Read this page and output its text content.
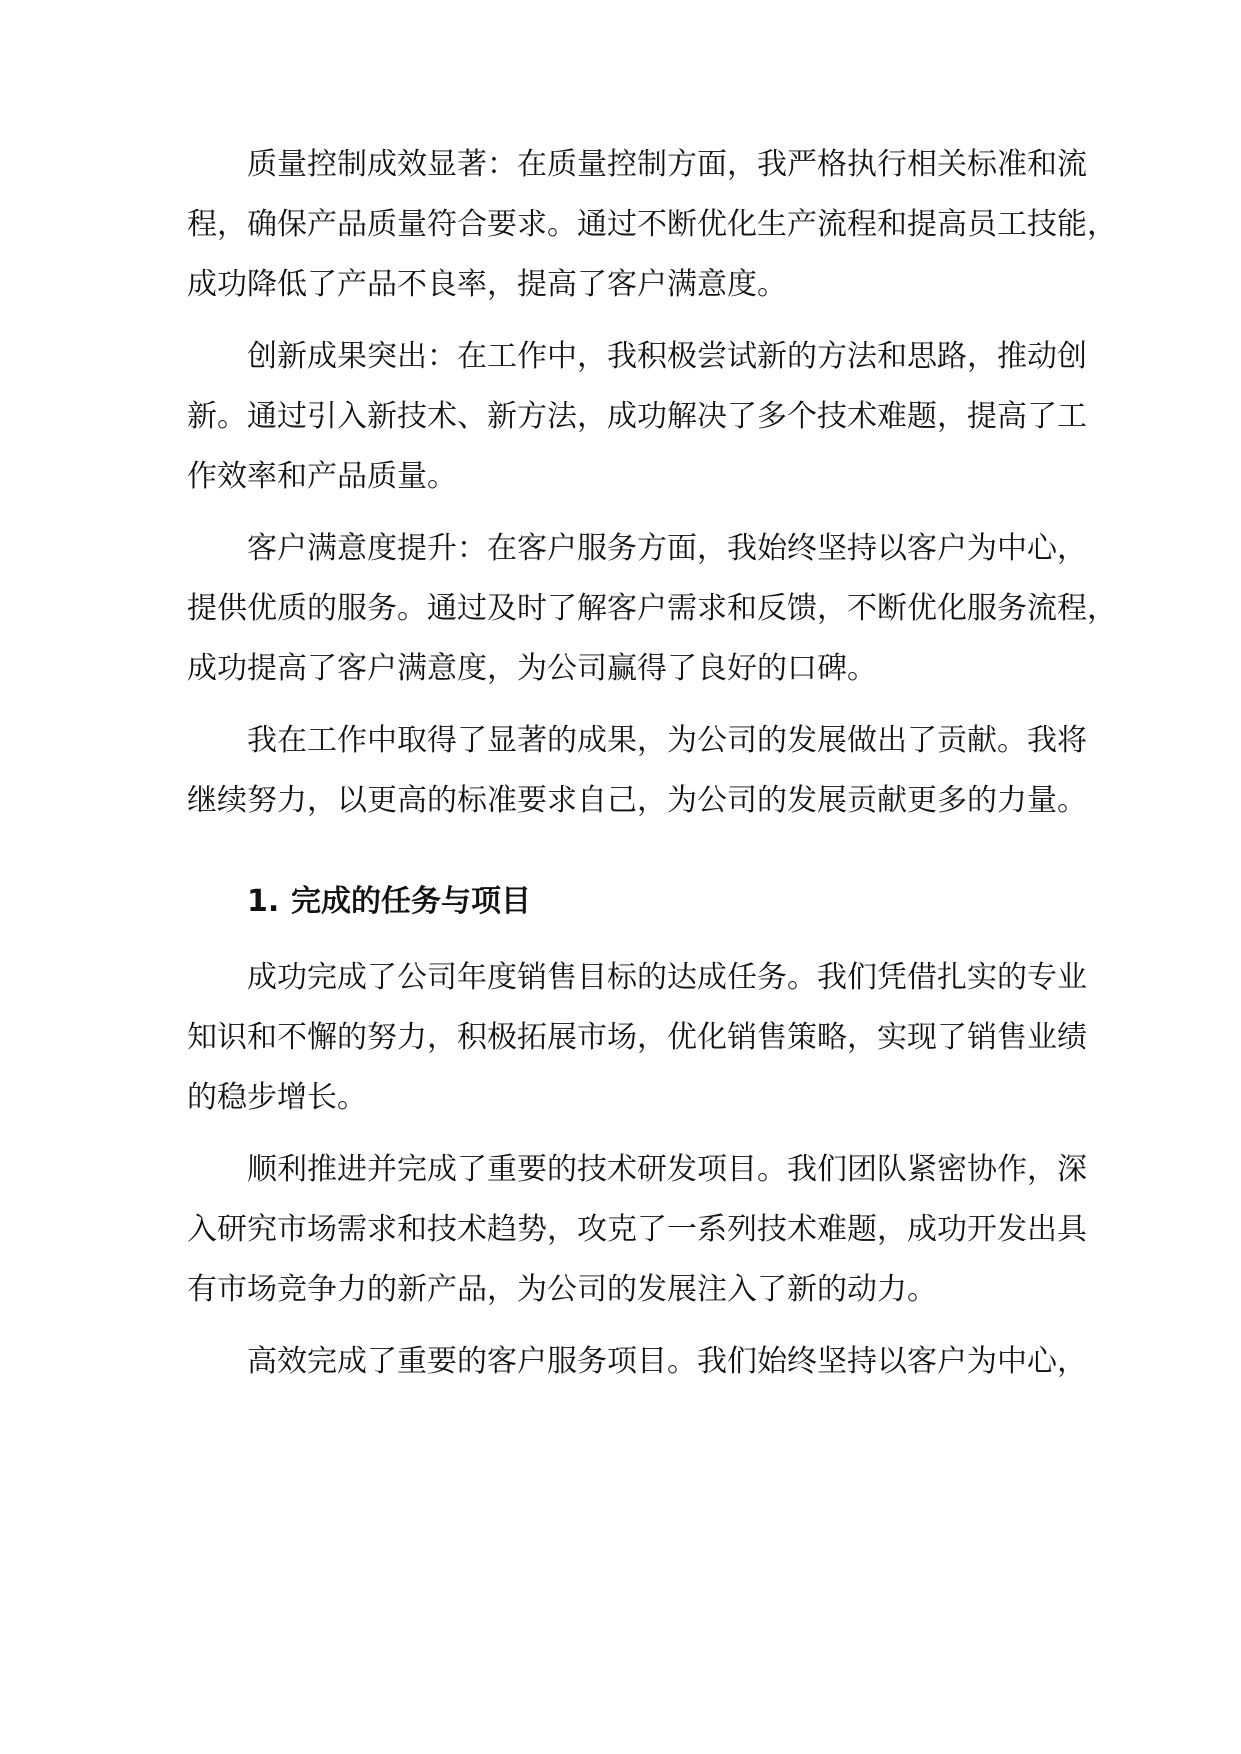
质量控制成效显著：在质量控制方面，我严格执行相关标准和流

程，确保产品质量符合要求。通过不断优化生产流程和提高员工技能，

成功降低了产品不良率，提高了客户满意度。

创新成果突出：在工作中，我积极尝试新的方法和思路，推动创

新。通过引入新技术、新方法，成功解决了多个技术难题，提高了工

作效率和产品质量。

客户满意度提升：在客户服务方面，我始终坚持以客户为中心，

提供优质的服务。通过及时了解客户需求和反馈，不断优化服务流程，

成功提高了客户满意度，为公司赢得了良好的口碑。

我在工作中取得了显著的成果，为公司的发展做出了贡献。我将

继续努力，以更高的标准要求自己，为公司的发展贡献更多的力量。

1. 完成的任务与项目

成功完成了公司年度销售目标的达成任务。我们凭借扎实的专业

知识和不懈的努力，积极拓展市场，优化销售策略，实现了销售业绩

的稳步增长。

顺利推进并完成了重要的技术研发项目。我们团队紧密协作，深

入研究市场需求和技术趋势，攻克了一系列技术难题，成功开发出具

有市场竞争力的新产品，为公司的发展注入了新的动力。

高效完成了重要的客户服务项目。我们始终坚持以客户为中心，
